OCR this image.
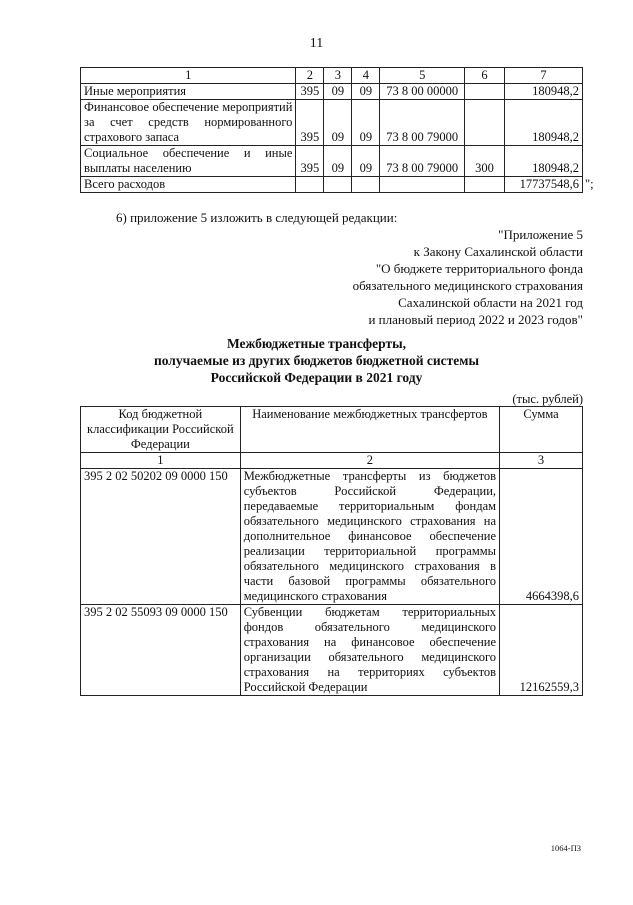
11
1	2	3	4	5	6	7
Иные мероприятия	395	09	09	73 8 00 00000		180948,2
Финансовое обеспечение мероприятий за счет средств нормированного страхового запаса	395	09	09	73 8 00 79000		180948,2
Социальное обеспечение и иные выплаты населению	395	09	09	73 8 00 79000	300	180948,2
Всего расходов						17737548,6 ";
6) приложение 5 изложить в следующей редакции:
"Приложение 5
к Закону Сахалинской области
"О бюджете территориального фонда
обязательного медицинского страхования
Сахалинской области на 2021 год
и плановый период 2022 и 2023 годов"
Межбюджетные трансферты,
получаемые из других бюджетов бюджетной системы
Российской Федерации в 2021 году
(тыс. рублей)
Код бюджетной классификации Российской Федерации	Наименование межбюджетных трансфертов	Сумма
1	2	3
395 2 02 50202 09 0000 150	Межбюджетные трансферты из бюджетов субъектов Российской Федерации, передаваемые территориальным фондам обязательного медицинского страхования на дополнительное финансовое обеспечение реализации территориальной программы обязательного медицинского страхования в части базовой программы обязательного медицинского страхования	4664398,6
395 2 02 55093 09 0000 150	Субвенции бюджетам территориальных фондов обязательного медицинского страхования на финансовое обеспечение организации обязательного медицинского страхования на территориях субъектов Российской Федерации	12162559,3
1064-ПЗ
